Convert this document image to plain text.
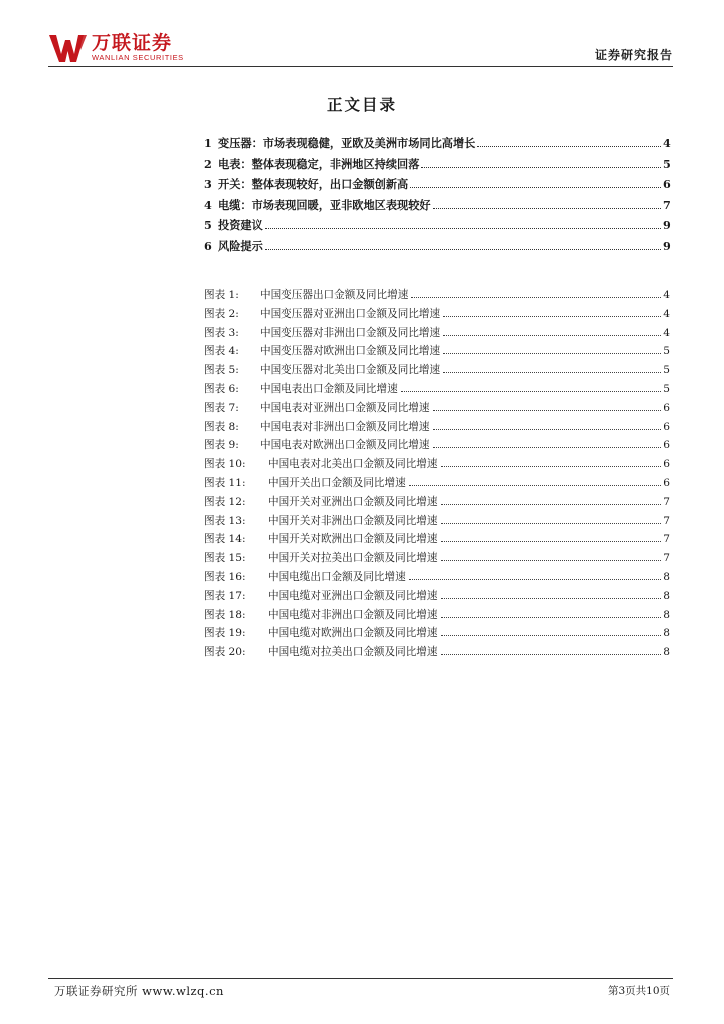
万联证券
WANLIAN SECURITIES	证券研究报告
正文目录
1 变压器：市场表现稳健，亚欧及美洲市场同比高增长	4
2 电表：整体表现稳定，非洲地区持续回落	5
3 开关：整体表现较好，出口金额创新高	6
4 电缆：市场表现回暖，亚非欧地区表现较好	7
5 投资建议	9
6 风险提示	9
图表 1:	中国变压器出口金额及同比增速	4
图表 2:	中国变压器对亚洲出口金额及同比增速	4
图表 3:	中国变压器对非洲出口金额及同比增速	4
图表 4:	中国变压器对欧洲出口金额及同比增速	5
图表 5:	中国变压器对北美出口金额及同比增速	5
图表 6:	中国电表出口金额及同比增速	5
图表 7:	中国电表对亚洲出口金额及同比增速	6
图表 8:	中国电表对非洲出口金额及同比增速	6
图表 9:	中国电表对欧洲出口金额及同比增速	6
图表 10:	中国电表对北美出口金额及同比增速	6
图表 11:	中国开关出口金额及同比增速	6
图表 12:	中国开关对亚洲出口金额及同比增速	7
图表 13:	中国开关对非洲出口金额及同比增速	7
图表 14:	中国开关对欧洲出口金额及同比增速	7
图表 15:	中国开关对拉美出口金额及同比增速	7
图表 16:	中国电缆出口金额及同比增速	8
图表 17:	中国电缆对亚洲出口金额及同比增速	8
图表 18:	中国电缆对非洲出口金额及同比增速	8
图表 19:	中国电缆对欧洲出口金额及同比增速	8
图表 20:	中国电缆对拉美出口金额及同比增速	8
万联证券研究所 www.wlzq.cn	第3页共10页
